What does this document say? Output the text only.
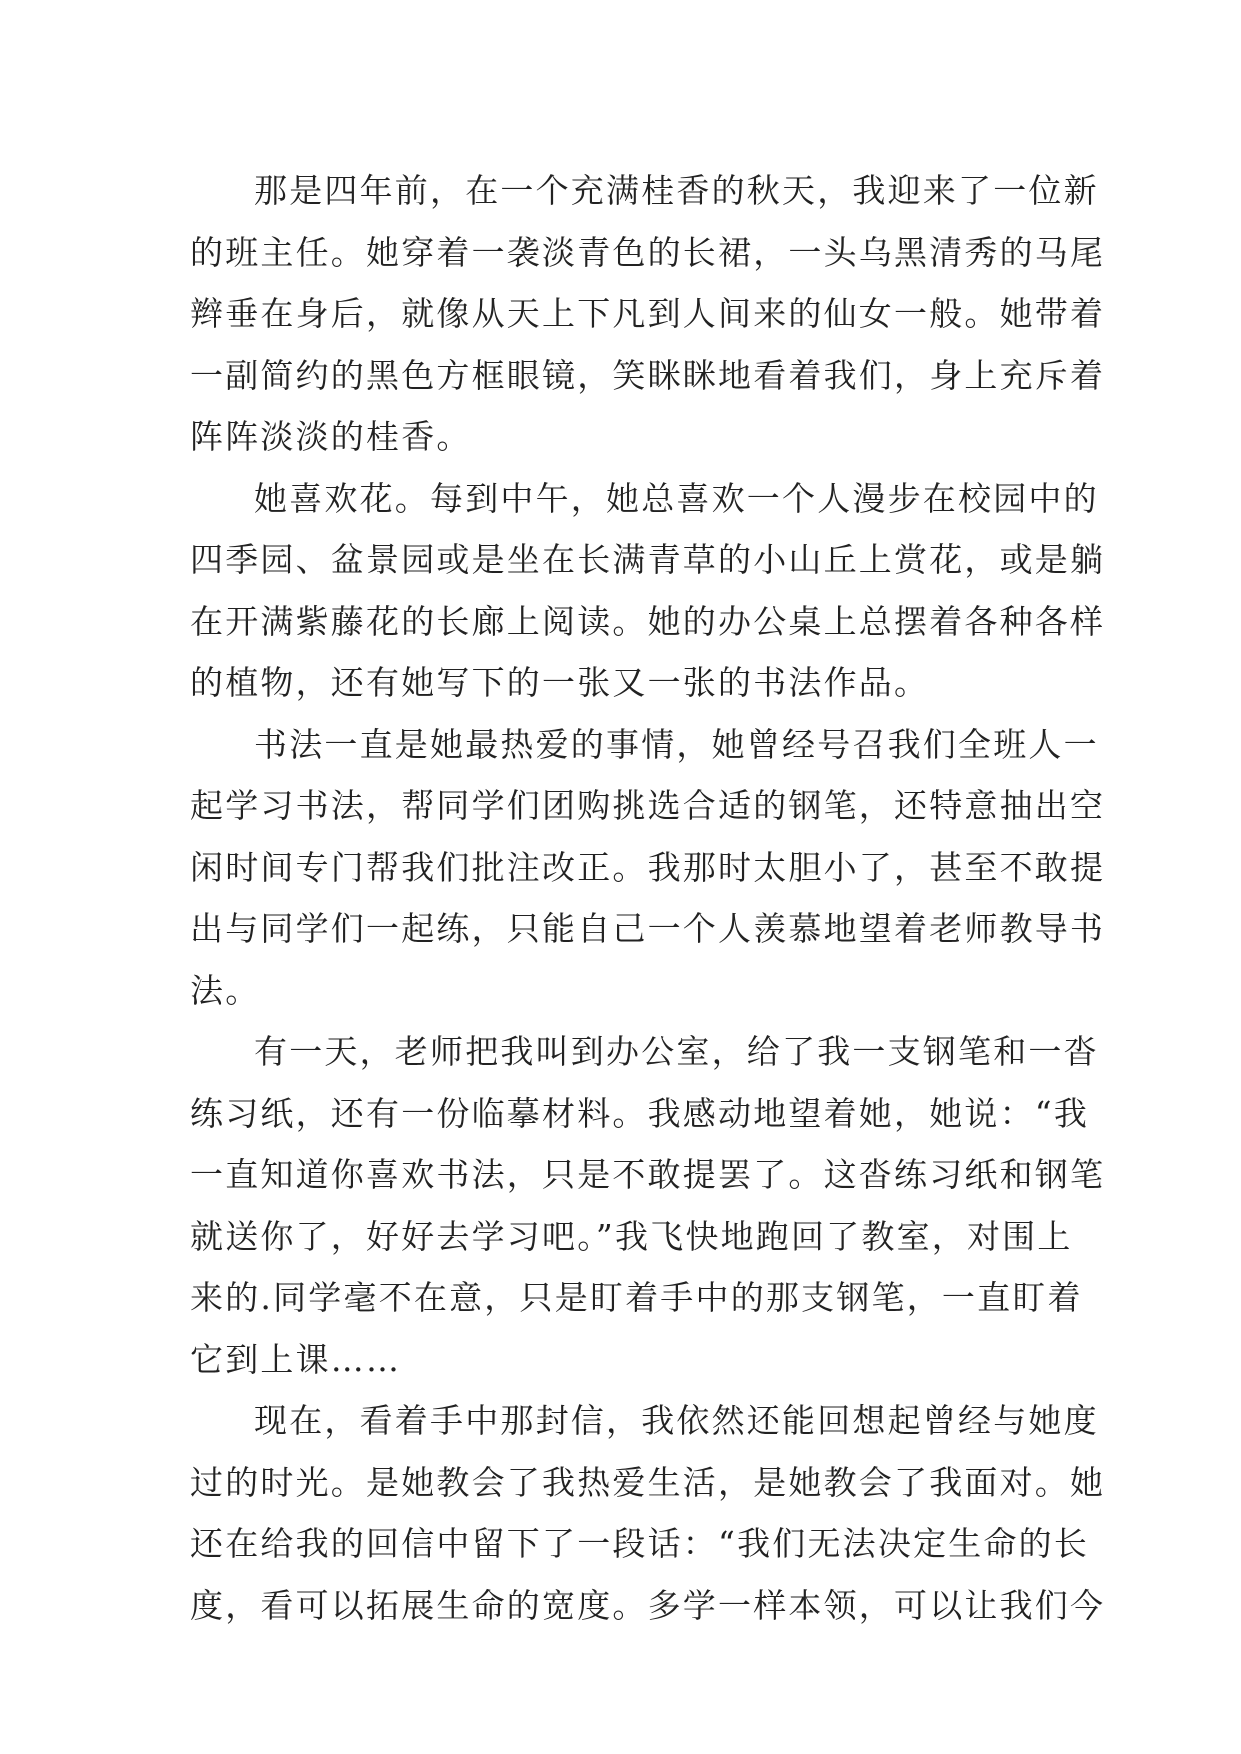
那是四年前，在一个充满桂香的秋天，我迎来了一位新
的班主任。她穿着一袭淡青色的长裙，一头乌黑清秀的马尾
辫垂在身后，就像从天上下凡到人间来的仙女一般。她带着
一副简约的黑色方框眼镜，笑眯眯地看着我们，身上充斥着
阵阵淡淡的桂香。

她喜欢花。每到中午，她总喜欢一个人漫步在校园中的
四季园、盆景园或是坐在长满青草的小山丘上赏花，或是躺
在开满紫藤花的长廊上阅读。她的办公桌上总摆着各种各样
的植物，还有她写下的一张又一张的书法作品。

书法一直是她最热爱的事情，她曾经号召我们全班人一
起学习书法，帮同学们团购挑选合适的钢笔，还特意抽出空
闲时间专门帮我们批注改正。我那时太胆小了，甚至不敢提
出与同学们一起练，只能自己一个人羡慕地望着老师教导书
法。

有一天，老师把我叫到办公室，给了我一支钢笔和一沓
练习纸，还有一份临摹材料。我感动地望着她，她说：“我
一直知道你喜欢书法，只是不敢提罢了。这沓练习纸和钢笔
就送你了，好好去学习吧。”我飞快地跑回了教室，对围上
来的.同学毫不在意，只是盯着手中的那支钢笔，一直盯着
它到上课……

现在，看着手中那封信，我依然还能回想起曾经与她度
过的时光。是她教会了我热爱生活，是她教会了我面对。她
还在给我的回信中留下了一段话：“我们无法决定生命的长
度，看可以拓展生命的宽度。多学一样本领，可以让我们今
